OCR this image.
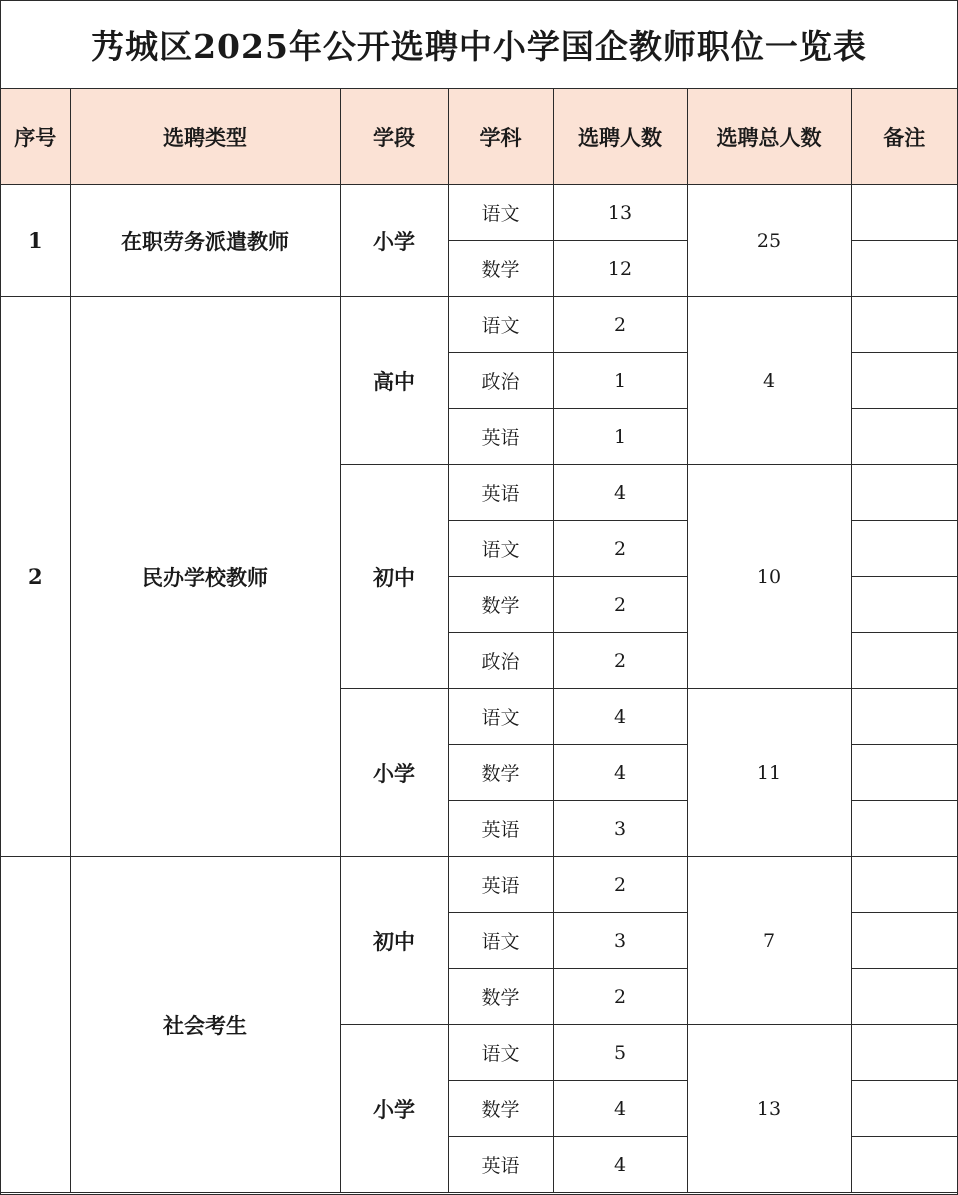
艿城区2025年公开选聘中小学国企教师职位一览表
序号	选聘类型	学段	学科	选聘人数	选聘总人数	备注
1	在职劳务派遣教师	小学	语文	13	25	
			数学	12		
2	民办学校教师	高中	语文	2	4	
			政治	1		
			英语	1		
		初中	英语	4	10	
			语文	2		
			数学	2		
			政治	2		
		小学	语文	4	11	
			数学	4		
			英语	3		
	社会考生	初中	英语	2	7	
			语文	3		
			数学	2		
		小学	语文	5	13	
			数学	4		
			英语	4		
